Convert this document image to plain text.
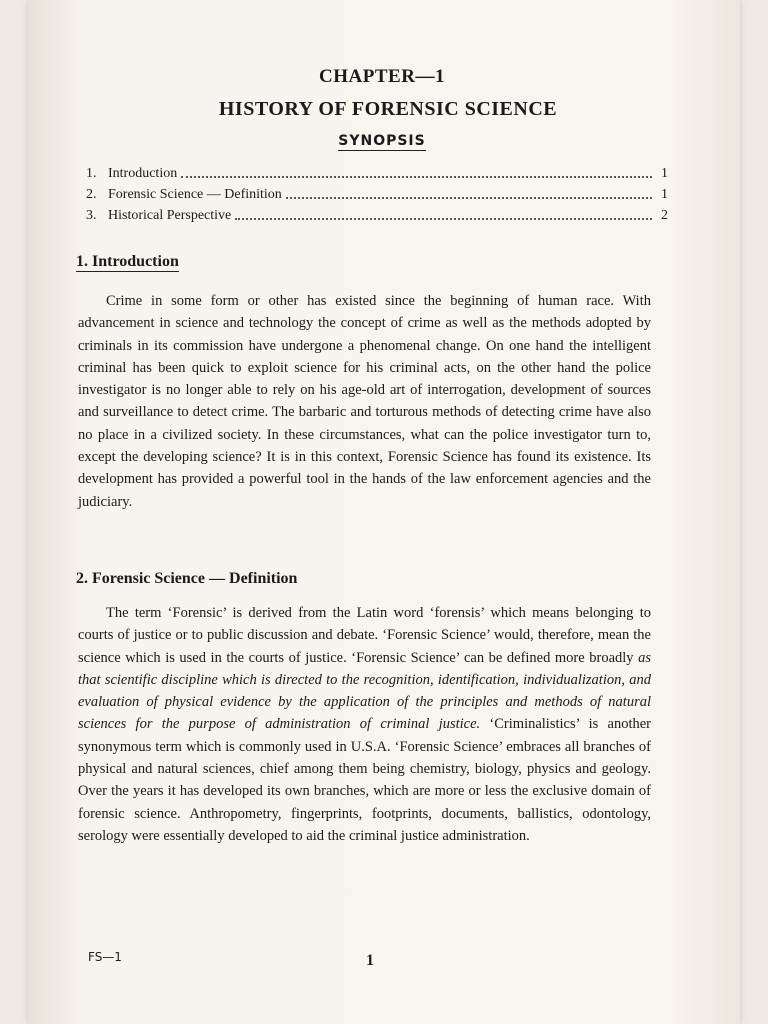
CHAPTER—1
HISTORY OF FORENSIC SCIENCE
SYNOPSIS
1. Introduction	1
2. Forensic Science — Definition	1
3. Historical Perspective	2
1. Introduction
Crime in some form or other has existed since the beginning of human race. With advancement in science and technology the concept of crime as well as the methods adopted by criminals in its commission have undergone a phenomenal change. On one hand the intelligent criminal has been quick to exploit science for his criminal acts, on the other hand the police investigator is no longer able to rely on his age-old art of interrogation, development of sources and surveillance to detect crime. The barbaric and torturous methods of detecting crime have also no place in a civilized society. In these circumstances, what can the police investigator turn to, except the developing science? It is in this context, Forensic Science has found its existence. Its development has provided a powerful tool in the hands of the law enforcement agencies and the judiciary.
2. Forensic Science — Definition
The term ‘Forensic’ is derived from the Latin word ‘forensis’ which means belonging to courts of justice or to public discussion and debate. ‘Forensic Science’ would, therefore, mean the science which is used in the courts of justice. ‘Forensic Science’ can be defined more broadly as that scientific discipline which is directed to the recognition, identification, individualization, and evaluation of physical evidence by the application of the principles and methods of natural sciences for the purpose of administration of criminal justice. ‘Criminalistics’ is another synonymous term which is commonly used in U.S.A. ‘Forensic Science’ embraces all branches of physical and natural sciences, chief among them being chemistry, biology, physics and geology. Over the years it has developed its own branches, which are more or less the exclusive domain of forensic science. Anthropometry, fingerprints, footprints, documents, ballistics, odontology, serology were essentially developed to aid the criminal justice administration.
FS—1	1
